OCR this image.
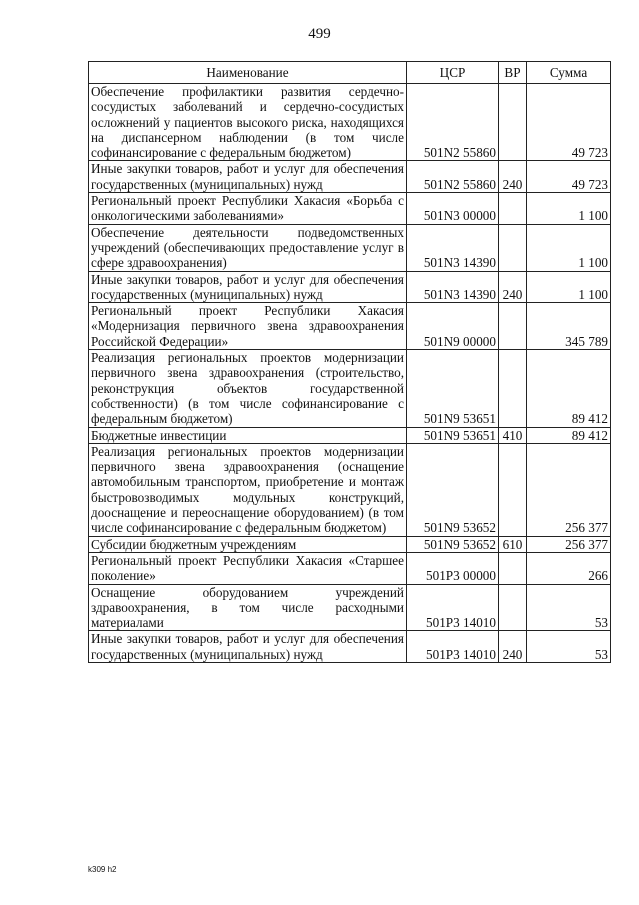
499
Наименование	ЦСР	ВР	Сумма
Обеспечение профилактики развития сердечно-сосудистых заболеваний и сердечно-сосудистых осложнений у пациентов высокого риска, находящихся на диспансерном наблюдении (в том числе софинансирование с федеральным бюджетом)	501N2 55860		49 723
Иные закупки товаров, работ и услуг для обеспечения государственных (муниципальных) нужд	501N2 55860	240	49 723
Региональный проект Республики Хакасия «Борьба с онкологическими заболеваниями»	501N3 00000		1 100
Обеспечение деятельности подведомственных учреждений (обеспечивающих предоставление услуг в сфере здравоохранения)	501N3 14390		1 100
Иные закупки товаров, работ и услуг для обеспечения государственных (муниципальных) нужд	501N3 14390	240	1 100
Региональный проект Республики Хакасия «Модернизация первичного звена здравоохранения Российской Федерации»	501N9 00000		345 789
Реализация региональных проектов модернизации первичного звена здравоохранения (строительство, реконструкция объектов государственной собственности) (в том числе софинансирование с федеральным бюджетом)	501N9 53651		89 412
Бюджетные инвестиции	501N9 53651	410	89 412
Реализация региональных проектов модернизации первичного звена здравоохранения (оснащение автомобильным транспортом, приобретение и монтаж быстровозводимых модульных конструкций, дооснащение и переоснащение оборудованием) (в том числе софинансирование с федеральным бюджетом)	501N9 53652		256 377
Субсидии бюджетным учреждениям	501N9 53652	610	256 377
Региональный проект Республики Хакасия «Старшее поколение»	501P3 00000		266
Оснащение оборудованием учреждений здравоохранения, в том числе расходными материалами	501P3 14010		53
Иные закупки товаров, работ и услуг для обеспечения государственных (муниципальных) нужд	501P3 14010	240	53
k309 h2
